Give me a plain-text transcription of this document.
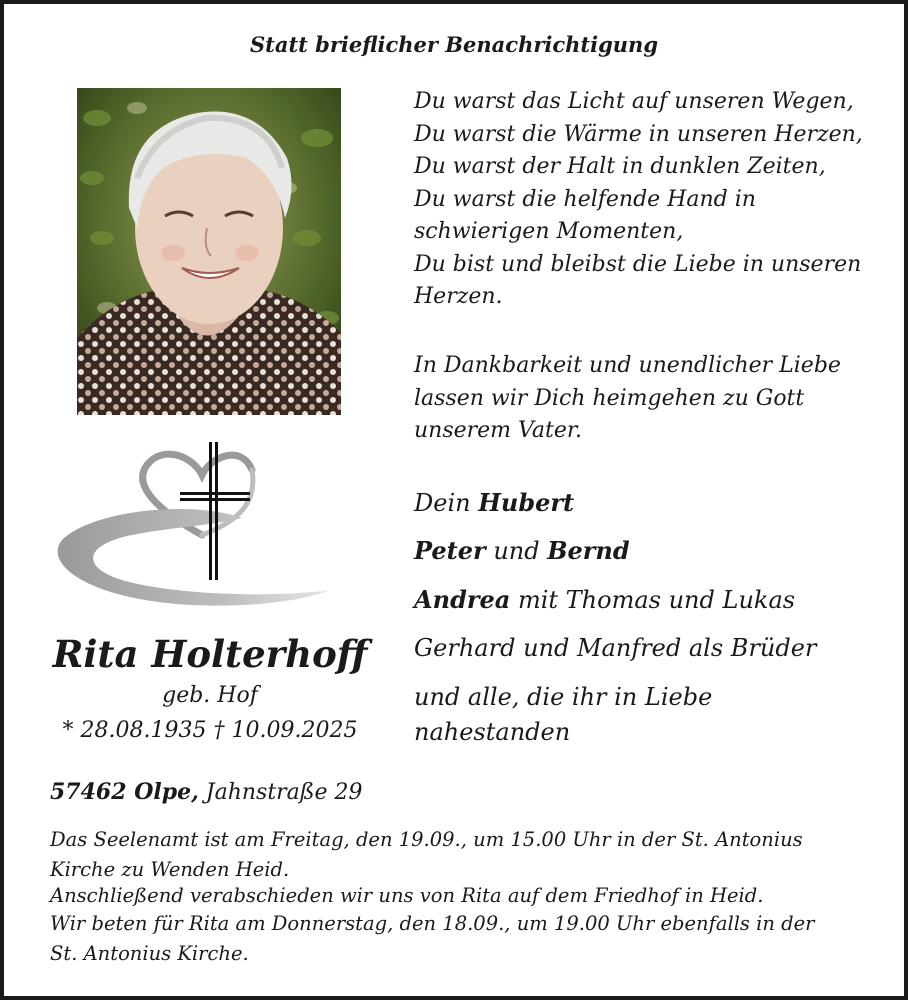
Statt brieflicher Benachrichtigung
Du warst das Licht auf unseren Wegen,
Du warst die Wärme in unseren Herzen,
Du warst der Halt in dunklen Zeiten,
Du warst die helfende Hand in
schwierigen Momenten,
Du bist und bleibst die Liebe in unseren
Herzen.
In Dankbarkeit und unendlicher Liebe
lassen wir Dich heimgehen zu Gott
unserem Vater.
Dein Hubert
Peter und Bernd
Andrea mit Thomas und Lukas
Gerhard und Manfred als Brüder
und alle, die ihr in Liebe
nahestanden
Rita Holterhoff
geb. Hof
* 28.08.1935 † 10.09.2025
57462 Olpe, Jahnstraße 29
Das Seelenamt ist am Freitag, den 19.09., um 15.00 Uhr in der St. Antonius
Kirche zu Wenden Heid.
Anschließend verabschieden wir uns von Rita auf dem Friedhof in Heid.
Wir beten für Rita am Donnerstag, den 18.09., um 19.00 Uhr ebenfalls in der
St. Antonius Kirche.
